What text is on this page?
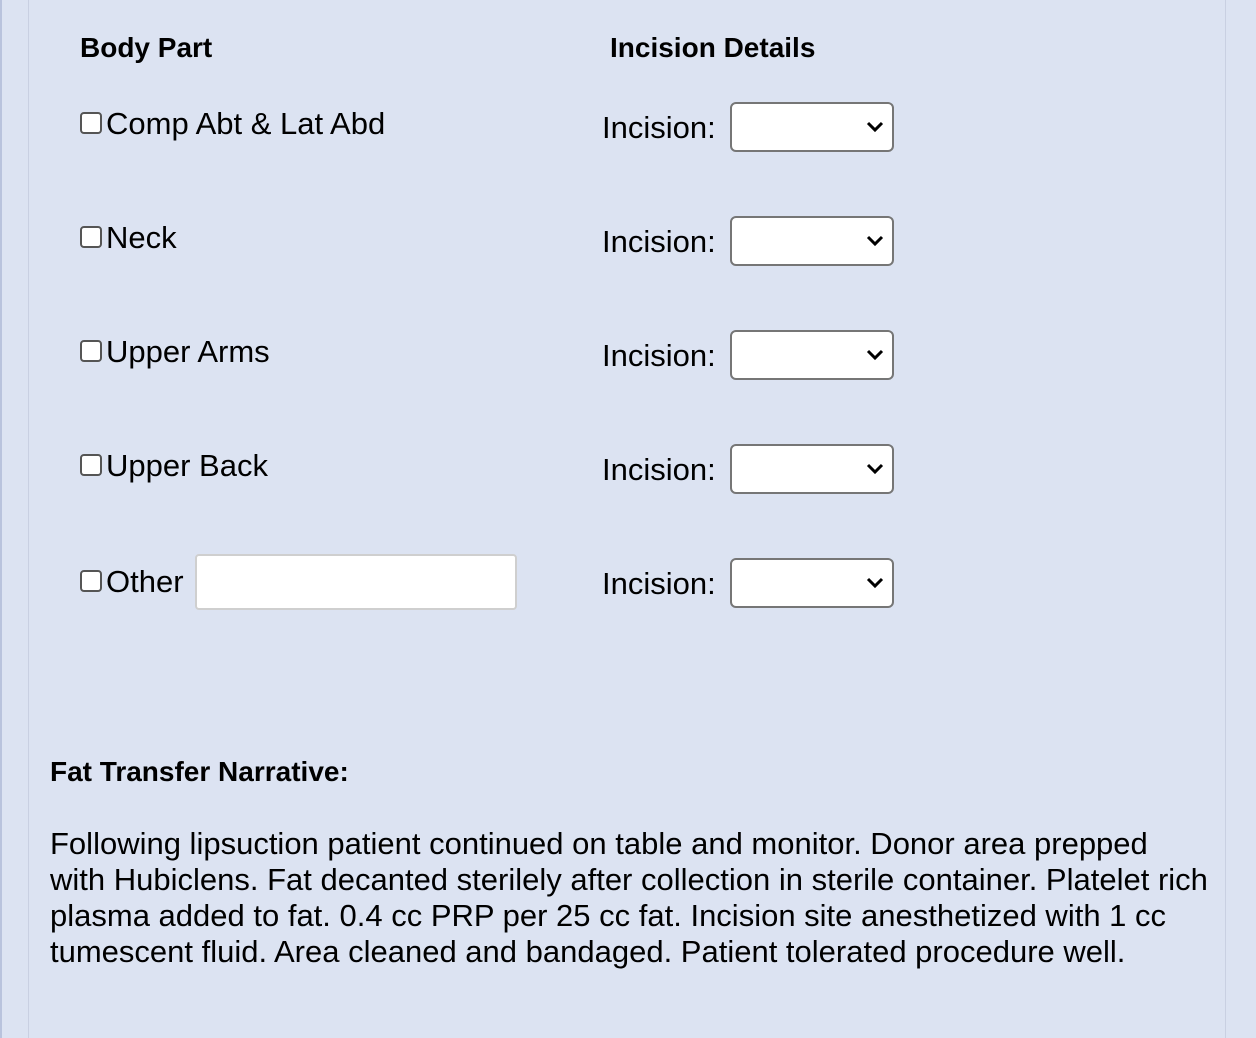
Body Part	Incision Details
Comp Abt & Lat Abd	Incision:
Neck	Incision:
Upper Arms	Incision:
Upper Back	Incision:
Other	Incision:
Fat Transfer Narrative:
Following lipsuction patient continued on table and monitor. Donor area prepped with Hubiclens. Fat decanted sterilely after collection in sterile container. Platelet rich plasma added to fat. 0.4 cc PRP per 25 cc fat. Incision site anesthetized with 1 cc tumescent fluid. Area cleaned and bandaged. Patient tolerated procedure well.
